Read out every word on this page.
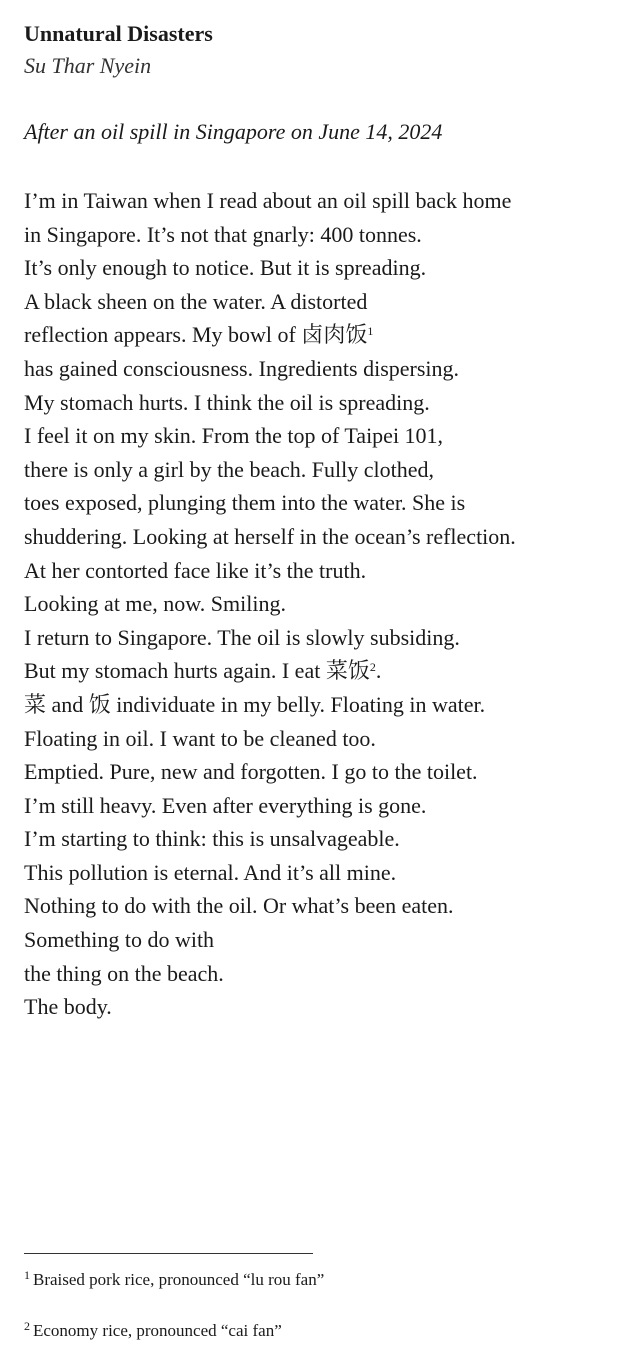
Unnatural Disasters

Su Thar Nyein

After an oil spill in Singapore on June 14, 2024

I’m in Taiwan when I read about an oil spill back home

in Singapore. It’s not that gnarly: 400 tonnes.

It’s only enough to notice. But it is spreading.

A black sheen on the water. A distorted

reflection appears. My bowl of 卤肉饭$^1$

has gained consciousness. Ingredients dispersing.

My stomach hurts. I think the oil is spreading.

I feel it on my skin. From the top of Taipei 101,

there is only a girl by the beach. Fully clothed,

toes exposed, plunging them into the water. She is

shuddering. Looking at herself in the ocean’s reflection.

At her contorted face like it’s the truth.

Looking at me, now. Smiling.

I return to Singapore. The oil is slowly subsiding.

But my stomach hurts again. I eat 菜饭$^2$.

菜 and 饭 individuate in my belly. Floating in water.

Floating in oil. I want to be cleaned too.

Emptied. Pure, new and forgotten. I go to the toilet.

I’m still heavy. Even after everything is gone.

I’m starting to think: this is unsalvageable.

This pollution is eternal. And it’s all mine.

Nothing to do with the oil. Or what’s been eaten.

Something to do with

the thing on the beach.

The body.

$^1$ Braised pork rice, pronounced “lu rou fan”

$^2$ Economy rice, pronounced “cai fan”
